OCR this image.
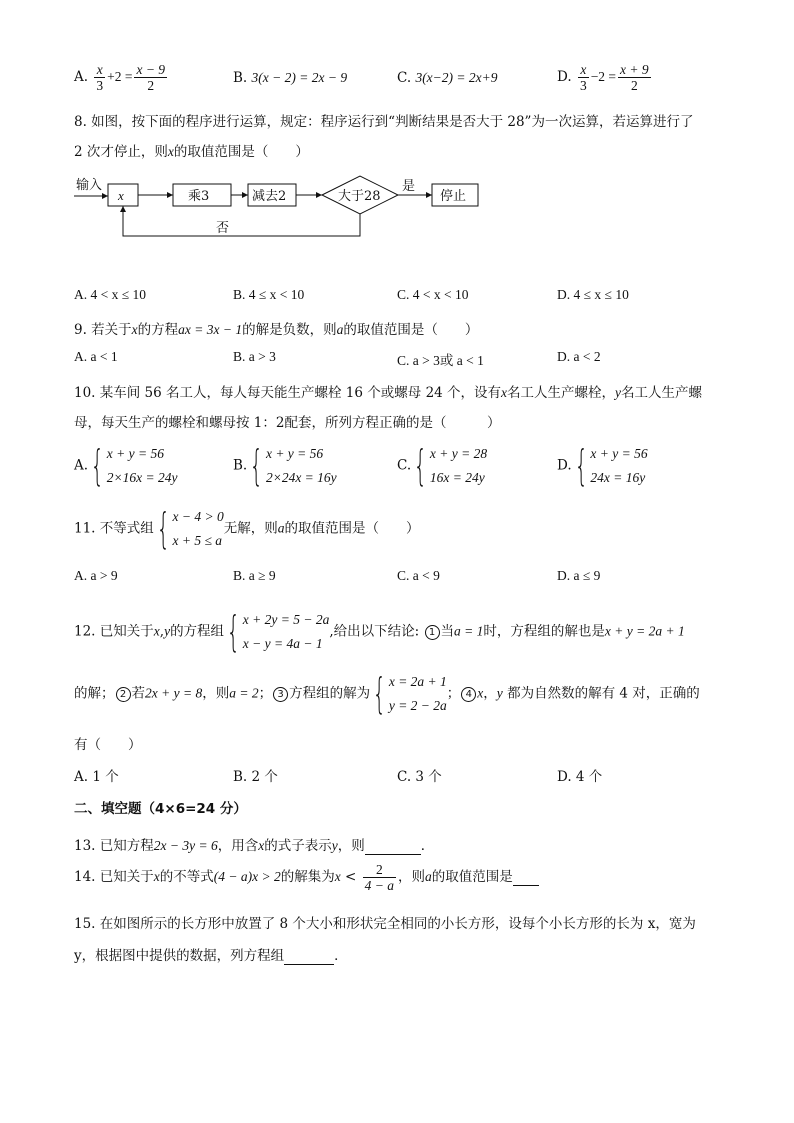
A. $\frac{x}{3} +2 = \frac{x - 9}{2}$	B. 3(x − 2) = 2x − 9	C. 3(x−2) = 2x+9	D. $\frac{x}{3} -2 = \frac{x + 9}{2}$
8. 如图，按下面的程序进行运算，规定：程序运行到“判断结果是否大于 28”为一次运算，若运算进行了
2 次才停止，则x的取值范围是（　　）
输入
x	乘3	减去2	大于28
是
停止
否
A. 4 < x ≤ 10	B. 4 ≤ x < 10	C. 4 < x < 10	D. 4 ≤ x ≤ 10
9. 若关于x的方程ax = 3x − 1的解是负数，则a的取值范围是（　　）
A. a < 1	B. a > 3	C. a > 3或 a < 1	D. a < 2
10. 某车间 56 名工人，每人每天能生产螺栓 16 个或螺母 24 个，设有x名工人生产螺栓，y名工人生产螺
母，每天生产的螺栓和螺母按 1：2配套，所列方程正确的是（　　　）
A.{ x + y = 56
2×16x = 24y
B.{ x + y = 56
2×24x = 16y
C.{ x + y = 28
16x = 24y
D.{ x + y = 56
24x = 16y
11. 不等式组{ x − 4 > 0
x + 5 ≤ a
无解，则a的取值范围是（　　）
A. a > 9	B. a ≥ 9	C. a < 9	D. a ≤ 9
12. 已知关于x,y的方程组{ x + 2y = 5 − 2a
x − y = 4a − 1
,给出以下结论: 1 当a = 1时，方程组的解也是x + y = 2a + 1
的解； 2 若2x + y = 8，则a = 2； 3 方程组的解为{ x = 2a + 1
y = 2 − 2a
； 4 x，y 都为自然数的解有 4 对，正确的
有（　　）
A. 1 个	B. 2 个	C. 3 个	D. 4 个
二、填空题（4×6=24 分）
13. 已知方程2x − 3y = 6，用含x的式子表示y，则	．
14. 已知关于x的不等式(4 − a)x > 2的解集为$x < \frac{2}{4 - a}$ ，则a的取值范围是
15. 在如图所示的长方形中放置了 8 个大小和形状完全相同的小长方形，设每个小长方形的长为 x，宽为
y，根据图中提供的数据，列方程组	．
